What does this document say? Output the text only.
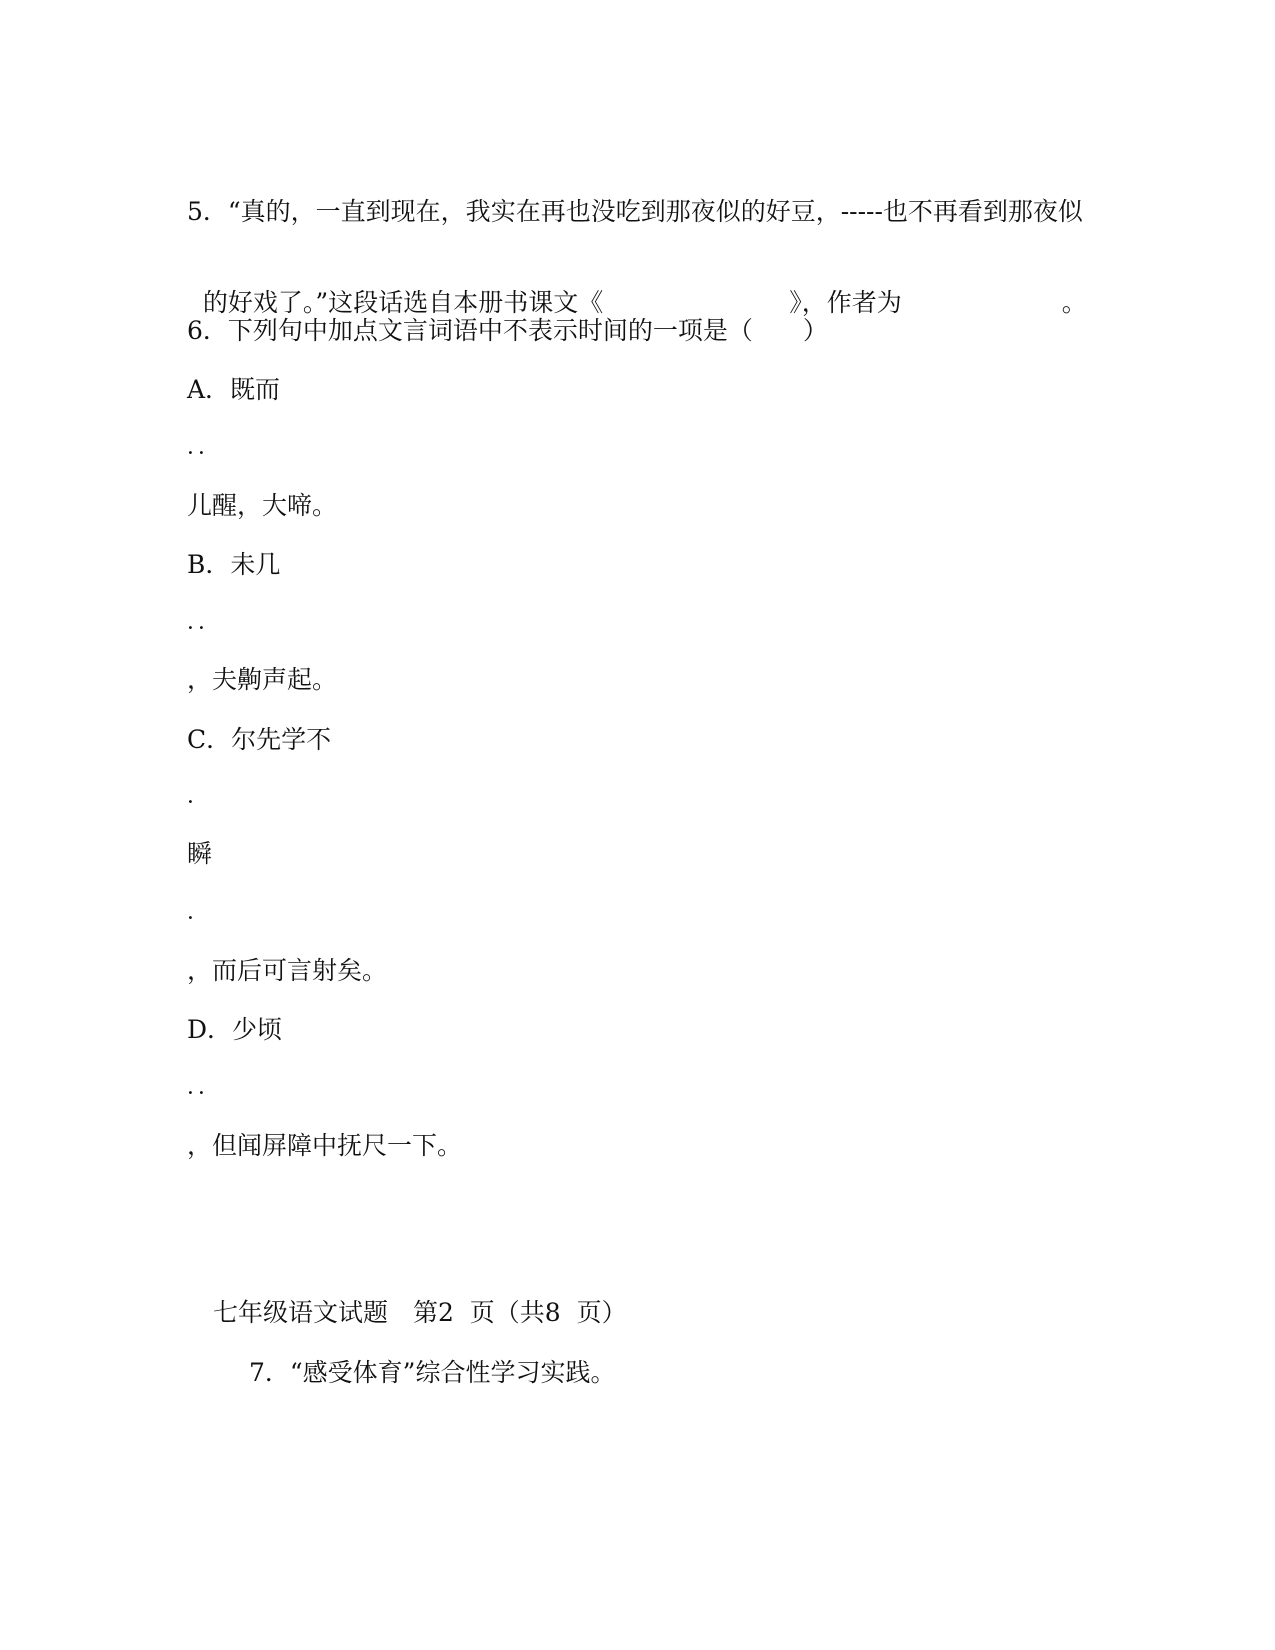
5．“真的，一直到现在，我实在再也没吃到那夜似的好豆，-----也不再看到那夜似

的好戏了。”这段话选自本册书课文《	》，作者为	。

6．下列句中加点文言词语中不表示时间的一项是（　　）
A．既而
．．
儿醒，大啼。
B．未几
．．
，夫齁声起。
C．尔先学不
．
瞬
．
，而后可言射矣。
D．少顷
．．
，但闻屏障中抚尺一下。
七年级语文试题　第2  页（共8  页）
7．“感受体育”综合性学习实践。
